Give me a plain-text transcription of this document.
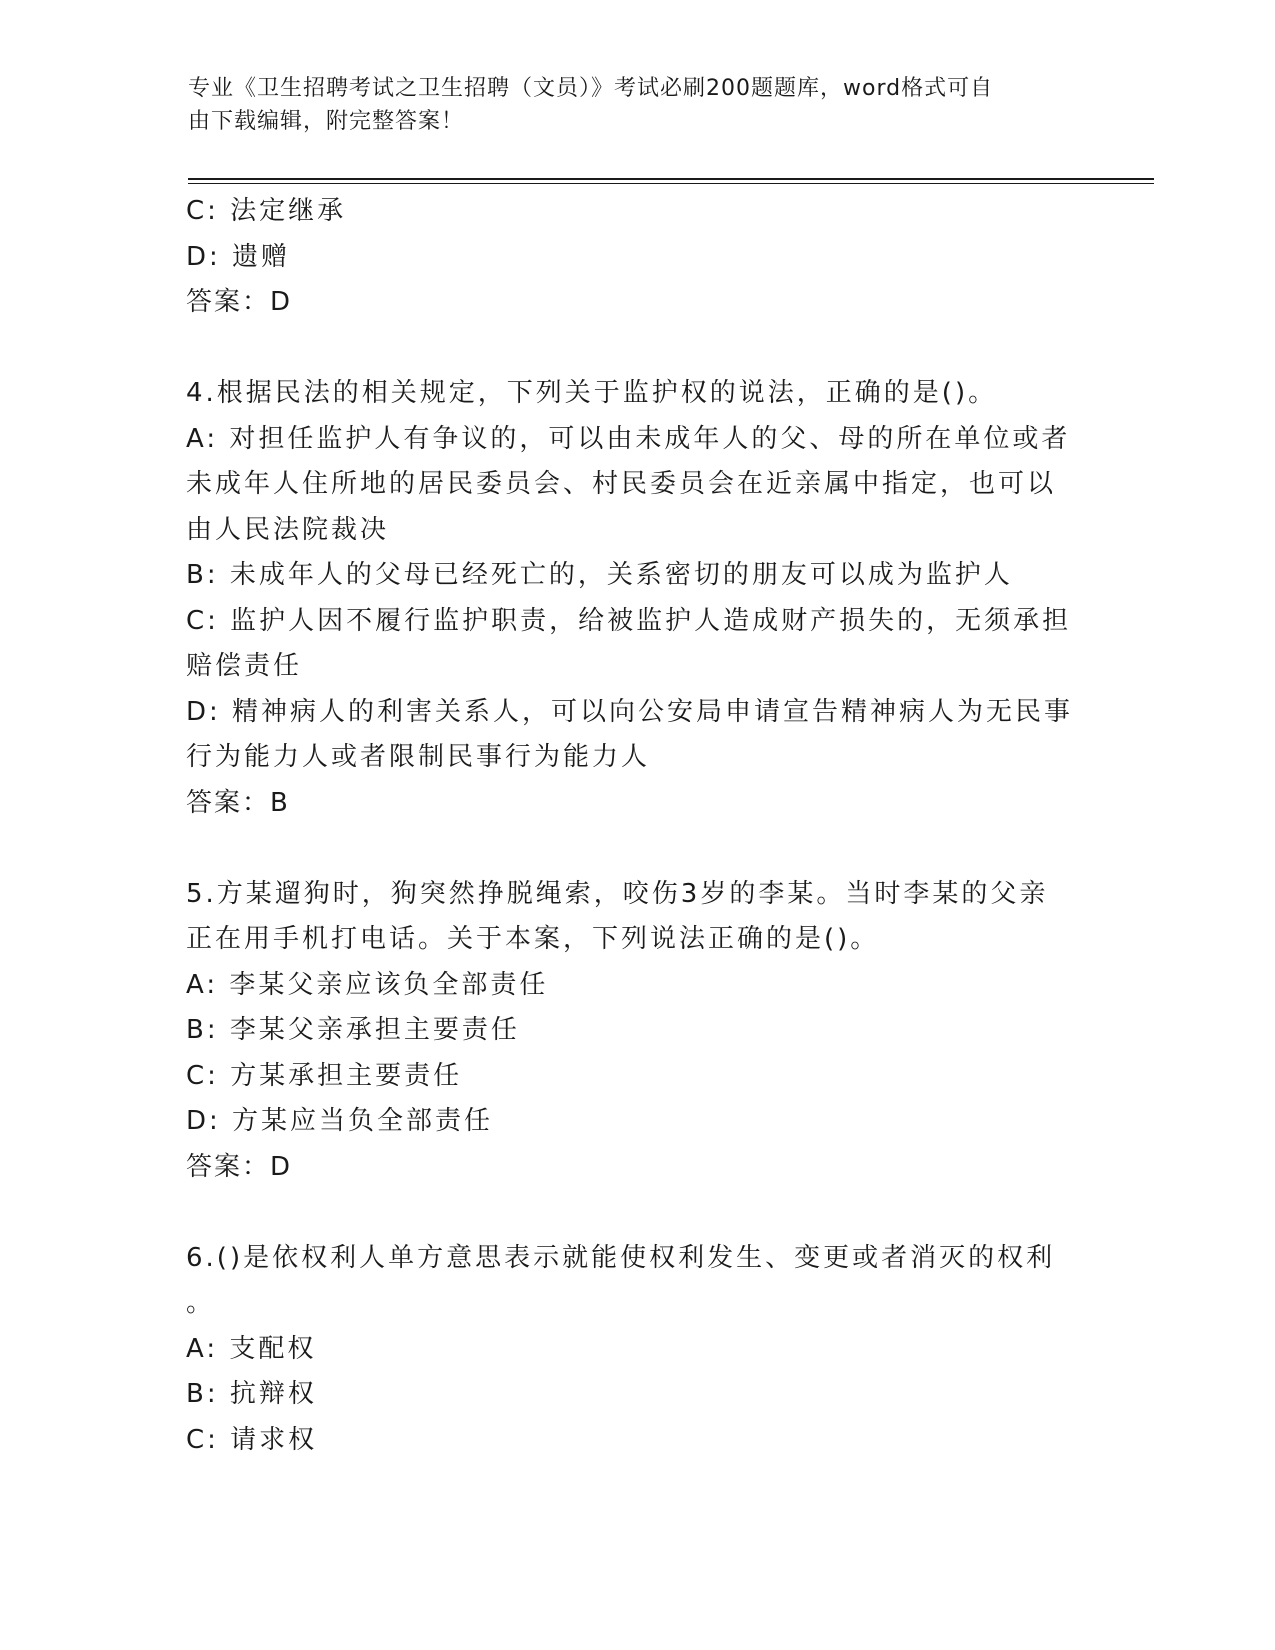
专业《卫生招聘考试之卫生招聘（文员）》考试必刷200题题库，word格式可自
由下载编辑，附完整答案！

C: 法定继承

D: 遗赠

答案：D

4.根据民法的相关规定，下列关于监护权的说法，正确的是()。

A: 对担任监护人有争议的，可以由未成年人的父、母的所在单位或者

未成年人住所地的居民委员会、村民委员会在近亲属中指定，也可以

由人民法院裁决

B: 未成年人的父母已经死亡的，关系密切的朋友可以成为监护人

C: 监护人因不履行监护职责，给被监护人造成财产损失的，无须承担

赔偿责任

D: 精神病人的利害关系人，可以向公安局申请宣告精神病人为无民事

行为能力人或者限制民事行为能力人

答案：B

5.方某遛狗时，狗突然挣脱绳索，咬伤3岁的李某。当时李某的父亲

正在用手机打电话。关于本案，下列说法正确的是()。

A: 李某父亲应该负全部责任

B: 李某父亲承担主要责任

C: 方某承担主要责任

D: 方某应当负全部责任

答案：D

6.()是依权利人单方意思表示就能使权利发生、变更或者消灭的权利

。

A: 支配权

B: 抗辩权

C: 请求权
